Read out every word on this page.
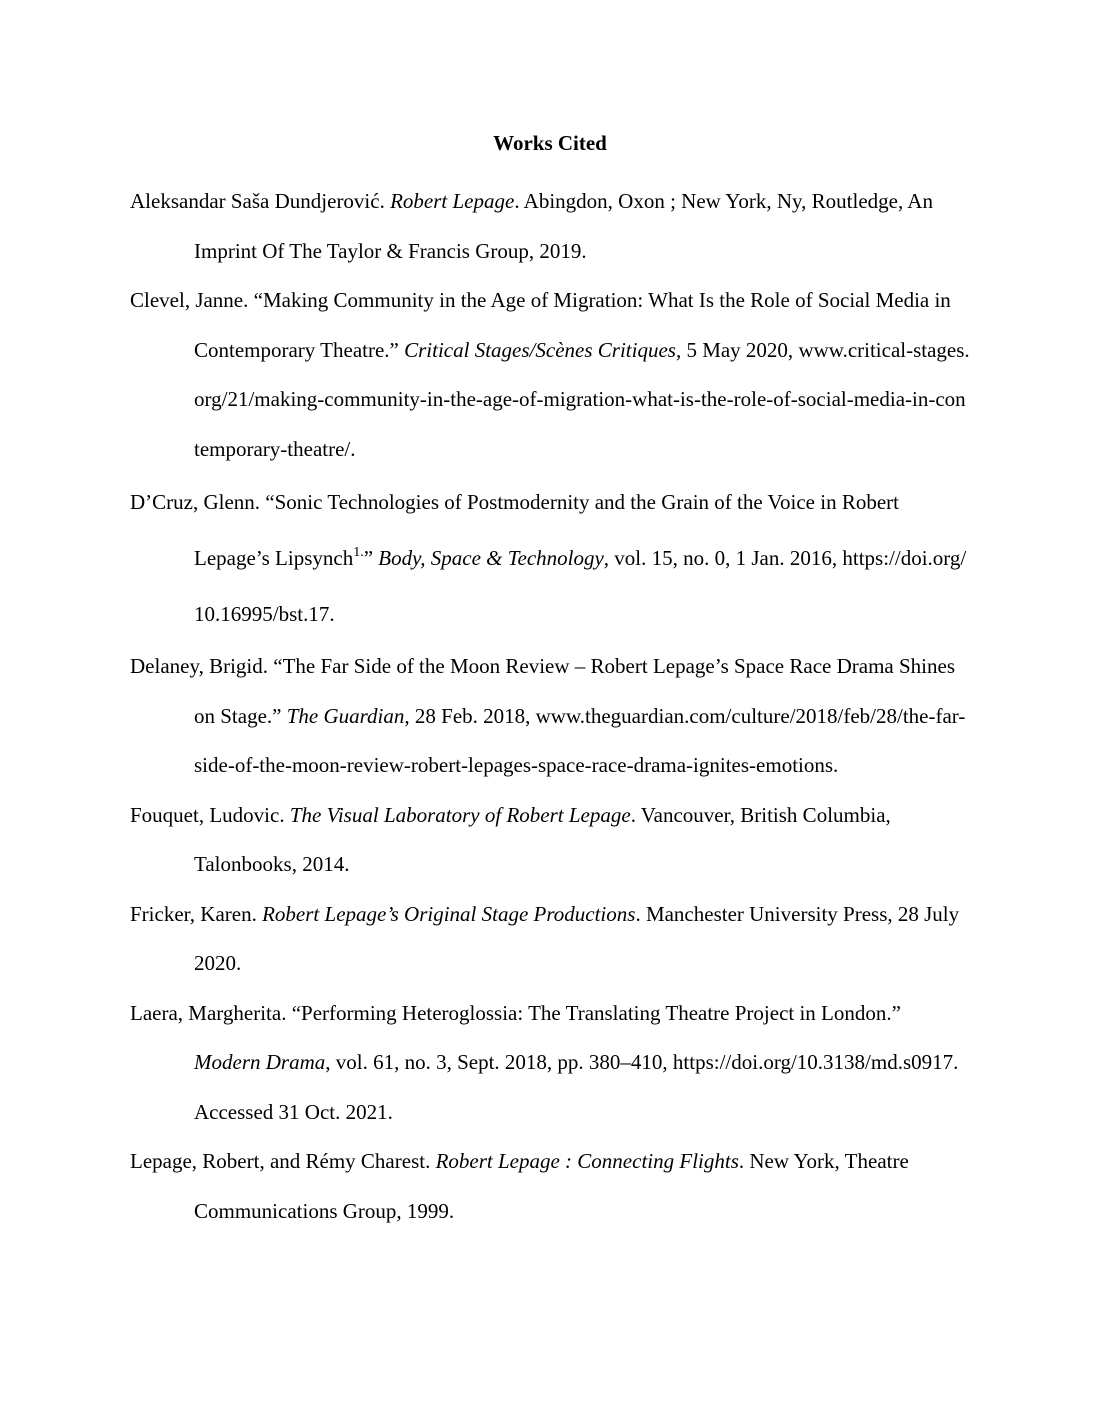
Works Cited
Aleksandar Saša Dundjerović. Robert Lepage. Abingdon, Oxon ; New York, Ny, Routledge, An Imprint Of The Taylor & Francis Group, 2019.
Clevel, Janne. “Making Community in the Age of Migration: What Is the Role of Social Media in Contemporary Theatre.” Critical Stages/Scènes Critiques, 5 May 2020, www.critical-stages.org/21/making-community-in-the-age-of-migration-what-is-the-role-of-social-media-in-contemporary-theatre/.
D’Cruz, Glenn. “Sonic Technologies of Postmodernity and the Grain of the Voice in Robert Lepage’s Lipsynch$^{1.}$” Body, Space & Technology, vol. 15, no. 0, 1 Jan. 2016, https://doi.org/10.16995/bst.17.
Delaney, Brigid. “The Far Side of the Moon Review – Robert Lepage’s Space Race Drama Shines on Stage.” The Guardian, 28 Feb. 2018, www.theguardian.com/culture/2018/feb/28/the-far-side-of-the-moon-review-robert-lepages-space-race-drama-ignites-emotions.
Fouquet, Ludovic. The Visual Laboratory of Robert Lepage. Vancouver, British Columbia, Talonbooks, 2014.
Fricker, Karen. Robert Lepage’s Original Stage Productions. Manchester University Press, 28 July 2020.
Laera, Margherita. “Performing Heteroglossia: The Translating Theatre Project in London.” Modern Drama, vol. 61, no. 3, Sept. 2018, pp. 380–410, https://doi.org/10.3138/md.s0917. Accessed 31 Oct. 2021.
Lepage, Robert, and Rémy Charest. Robert Lepage : Connecting Flights. New York, Theatre Communications Group, 1999.
